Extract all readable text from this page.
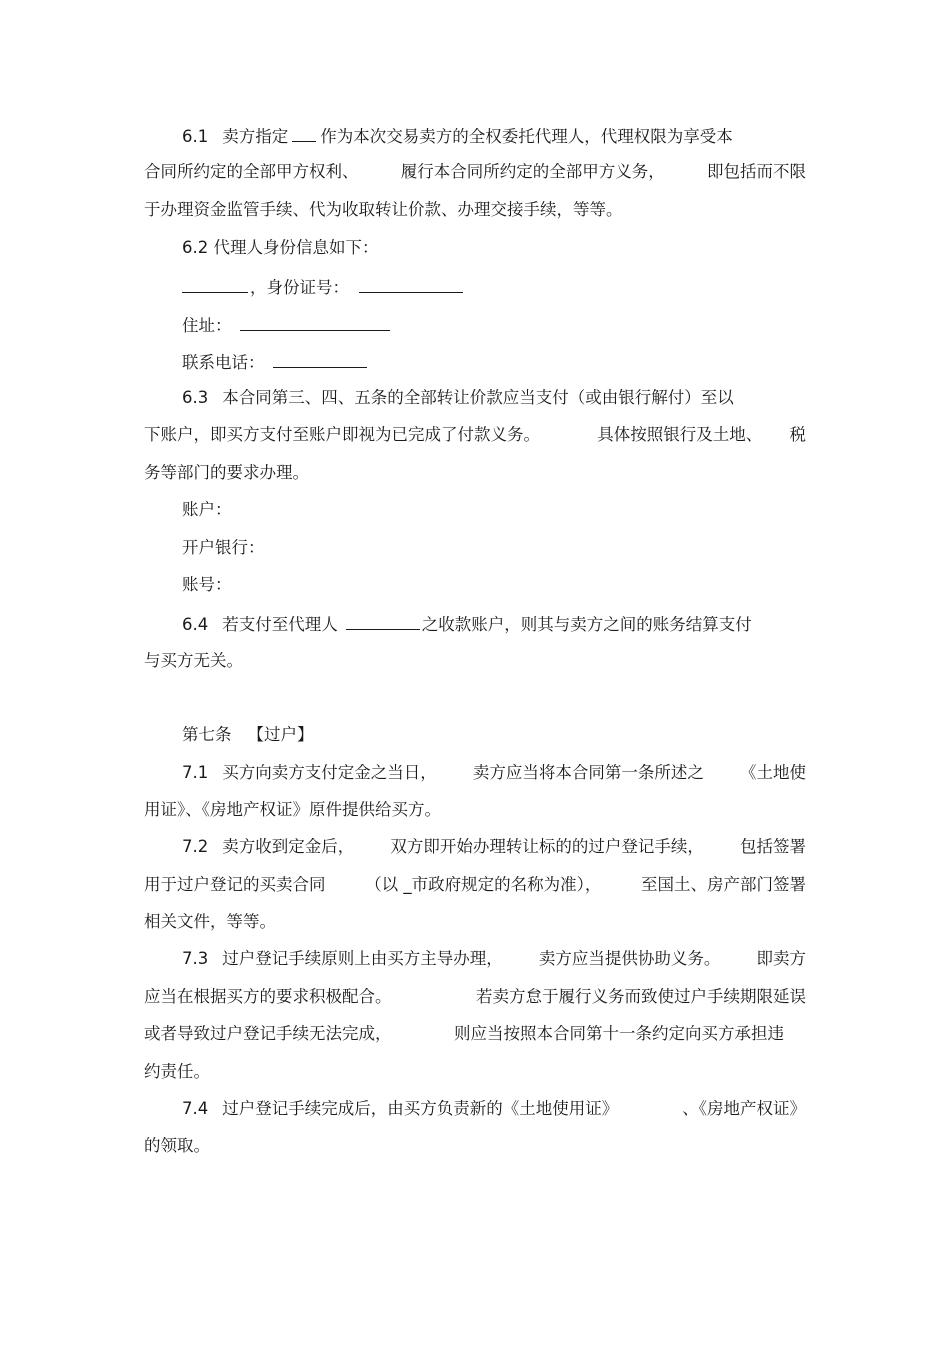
6.1 卖方指定 作为本次交易卖方的全权委托代理人，代理权限为享受本
合同所约定的全部甲方权利、	履行本合同所约定的全部甲方义务，	即包括而不限
于办理资金监管手续、代为收取转让价款、办理交接手续，等等。
6.2 代理人身份信息如下：
，身份证号：
住址：
联系电话：
6.3 本合同第三、四、五条的全部转让价款应当支付（或由银行解付）至以
下账户，即买方支付至账户即视为已完成了付款义务。	具体按照银行及土地、 税
务等部门的要求办理。
账户：
开户银行：
账号：
6.4 若支付至代理人	之收款账户，则其与卖方之间的账务结算支付
与买方无关。
第七条 【过户】
7.1 买方向卖方支付定金之当日， 卖方应当将本合同第一条所述之 《土地使
用证》、《房地产权证》原件提供给买方。
7.2 卖方收到定金后， 双方即开始办理转让标的的过户登记手续， 包括签署
用于过户登记的买卖合同 （以 _市政府规定的名称为准）， 至国土、房产部门签署
相关文件，等等。
7.3 过户登记手续原则上由买方主导办理， 卖方应当提供协助义务。 即卖方
应当在根据买方的要求积极配合。	若卖方怠于履行义务而致使过户手续期限延误
或者导致过户登记手续无法完成，	则应当按照本合同第十一条约定向买方承担违
约责任。
7.4 过户登记手续完成后，由买方负责新的《土地使用证》	、《房地产权证》
的领取。
